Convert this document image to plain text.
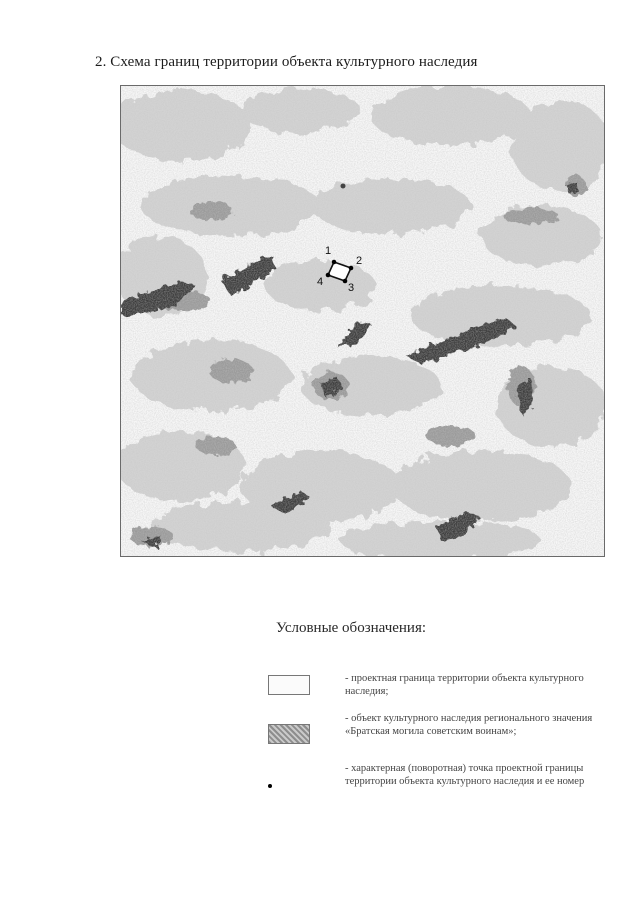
2. Схема границ территории объекта культурного наследия
1
2
3
4
Условные обозначения:
- проектная граница территории объекта культурного наследия;
- объект культурного наследия регионального значения «Братская могила советским воинам»;
- характерная (поворотная) точка проектной границы территории объекта культурного наследия и ее номер
